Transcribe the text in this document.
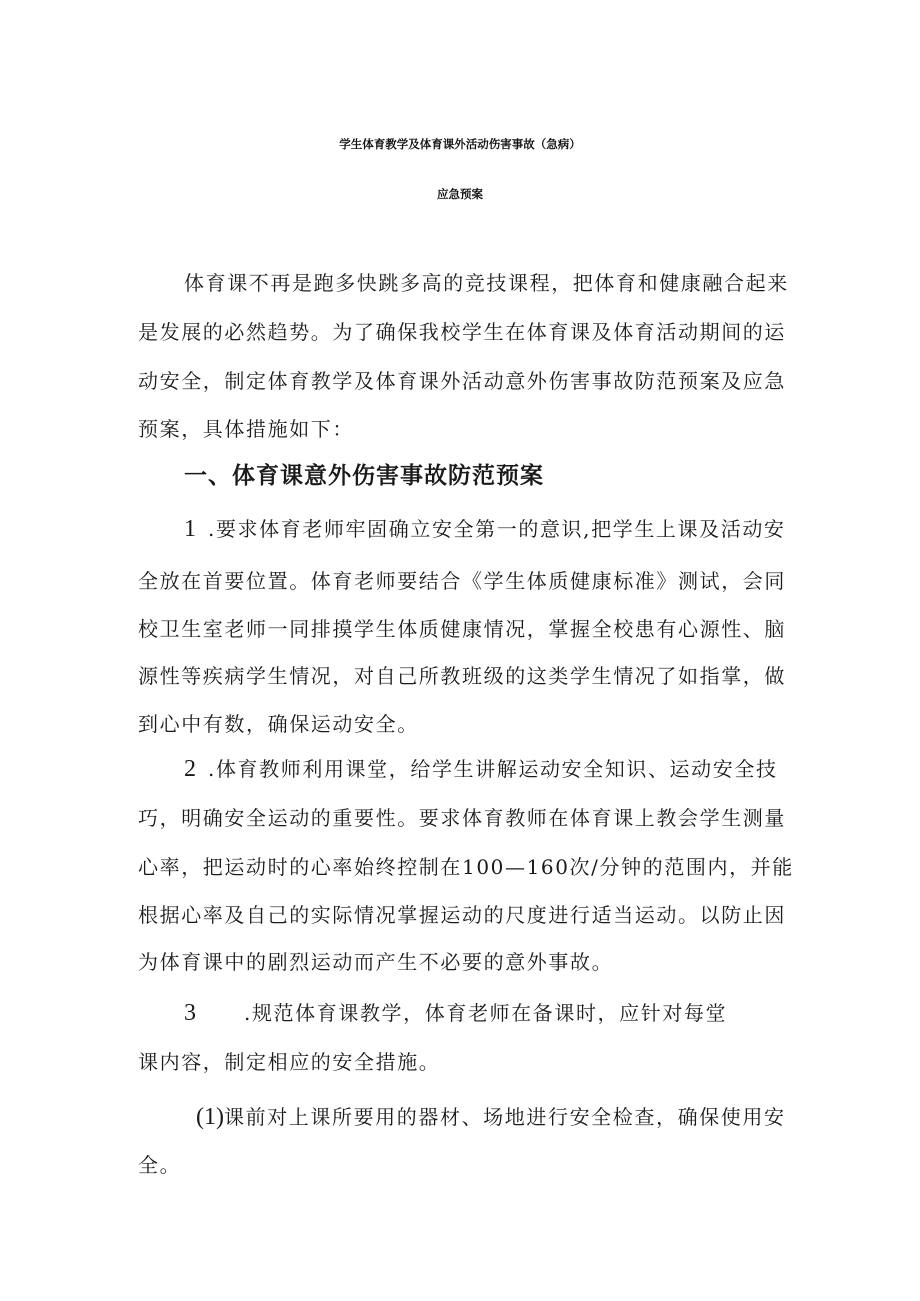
学生体育教学及体育课外活动伤害事故（急病）
应急预案
体育课不再是跑多快跳多高的竞技课程，把体育和健康融合起来
是发展的必然趋势。为了确保我校学生在体育课及体育活动期间的运
动安全，制定体育教学及体育课外活动意外伤害事故防范预案及应急
预案，具体措施如下：
一、体育课意外伤害事故防范预案
1 .要求体育老师牢固确立安全第一的意识,把学生上课及活动安
全放在首要位置。体育老师要结合《学生体质健康标准》测试，会同
校卫生室老师一同排摸学生体质健康情况，掌握全校患有心源性、脑
源性等疾病学生情况，对自己所教班级的这类学生情况了如指掌，做
到心中有数，确保运动安全。
2 .体育教师利用课堂，给学生讲解运动安全知识、运动安全技
巧，明确安全运动的重要性。要求体育教师在体育课上教会学生测量
心率，把运动时的心率始终控制在100—160次/分钟的范围内，并能
根据心率及自己的实际情况掌握运动的尺度进行适当运动。以防止因
为体育课中的剧烈运动而产生不必要的意外事故。
3 .规范体育课教学，体育老师在备课时，应针对每堂
课内容，制定相应的安全措施。
(1)课前对上课所要用的器材、场地进行安全检查，确保使用安
全。
